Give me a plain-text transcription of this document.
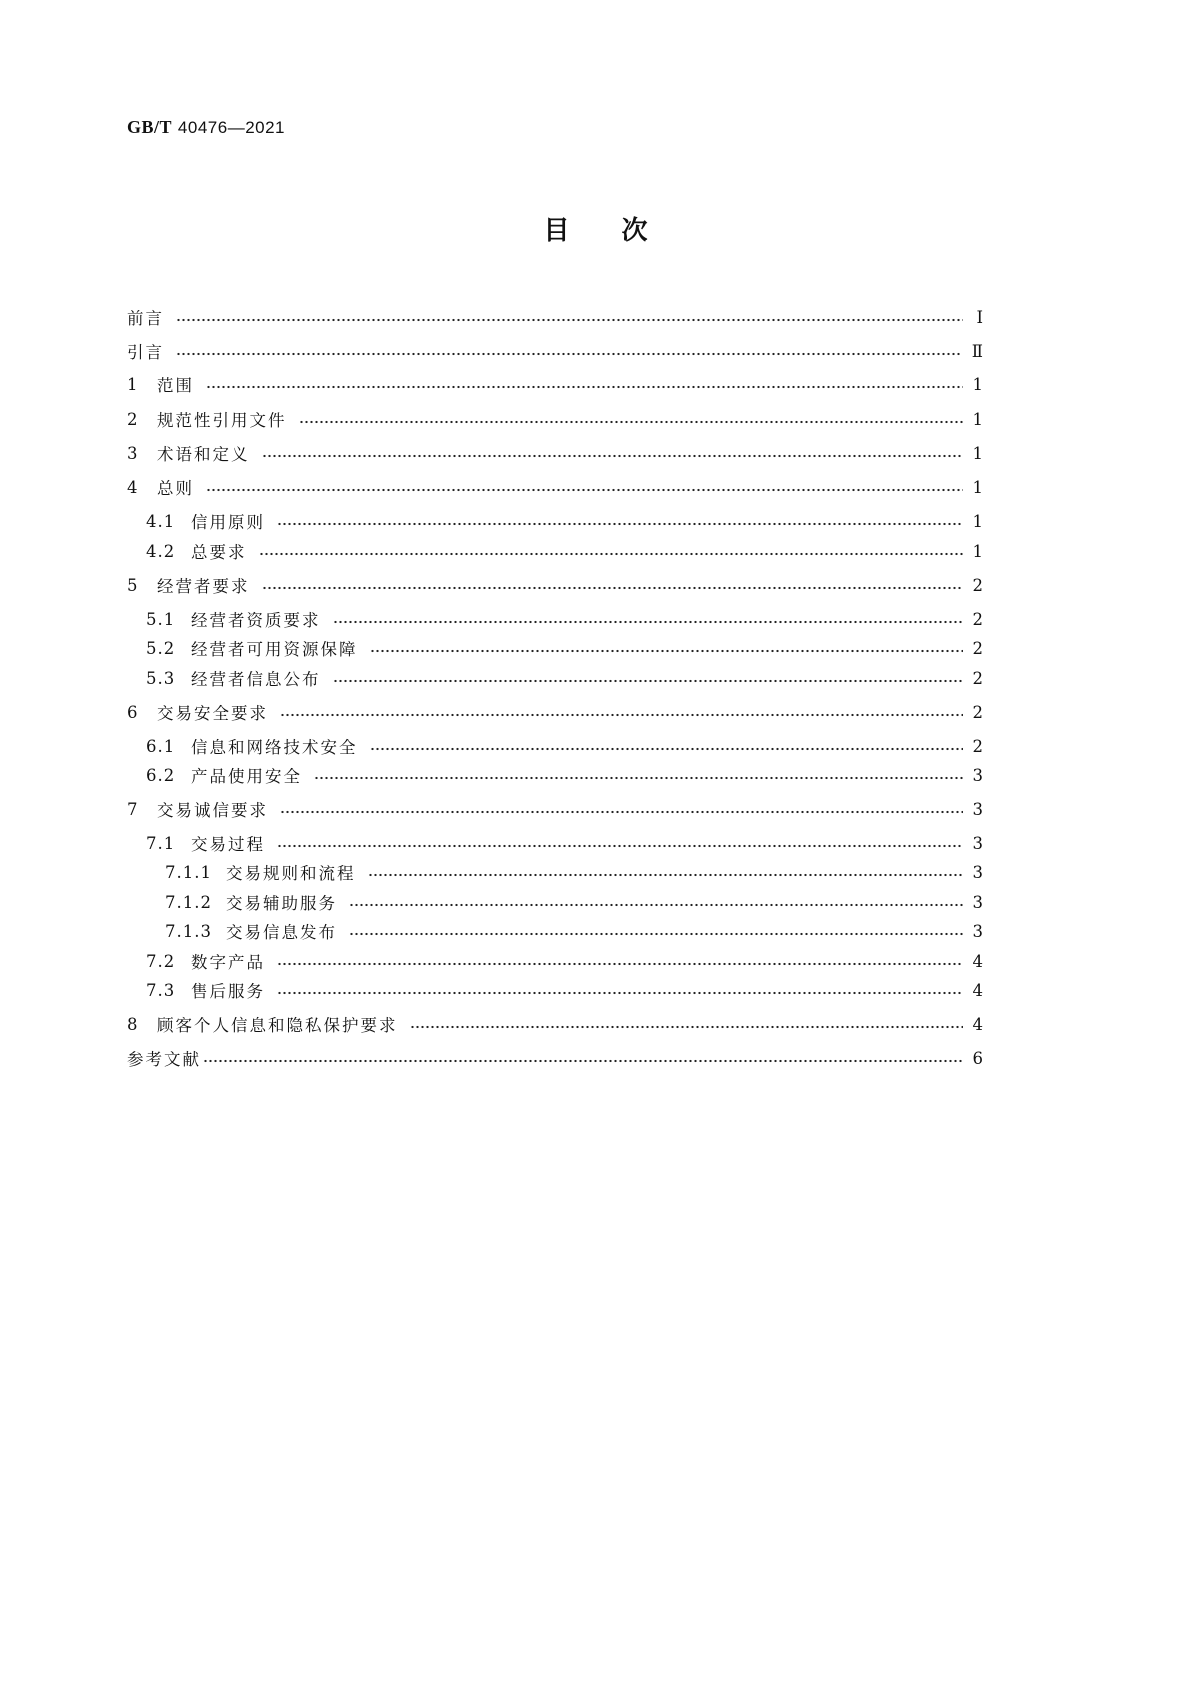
GB/T 40476—2021
目次
前言	Ⅰ
引言	Ⅱ
1	范围	1
2	规范性引用文件	1
3	术语和定义	1
4	总则	1
4.1 信用原则	1
4.2 总要求	1
5	经营者要求	2
5.1 经营者资质要求	2
5.2 经营者可用资源保障	2
5.3 经营者信息公布	2
6	交易安全要求	2
6.1 信息和网络技术安全	2
6.2 产品使用安全	3
7	交易诚信要求	3
7.1 交易过程	3
7.1.1 交易规则和流程	3
7.1.2 交易辅助服务	3
7.1.3 交易信息发布	3
7.2 数字产品	4
7.3 售后服务	4
8	顾客个人信息和隐私保护要求	4
参考文献	6
